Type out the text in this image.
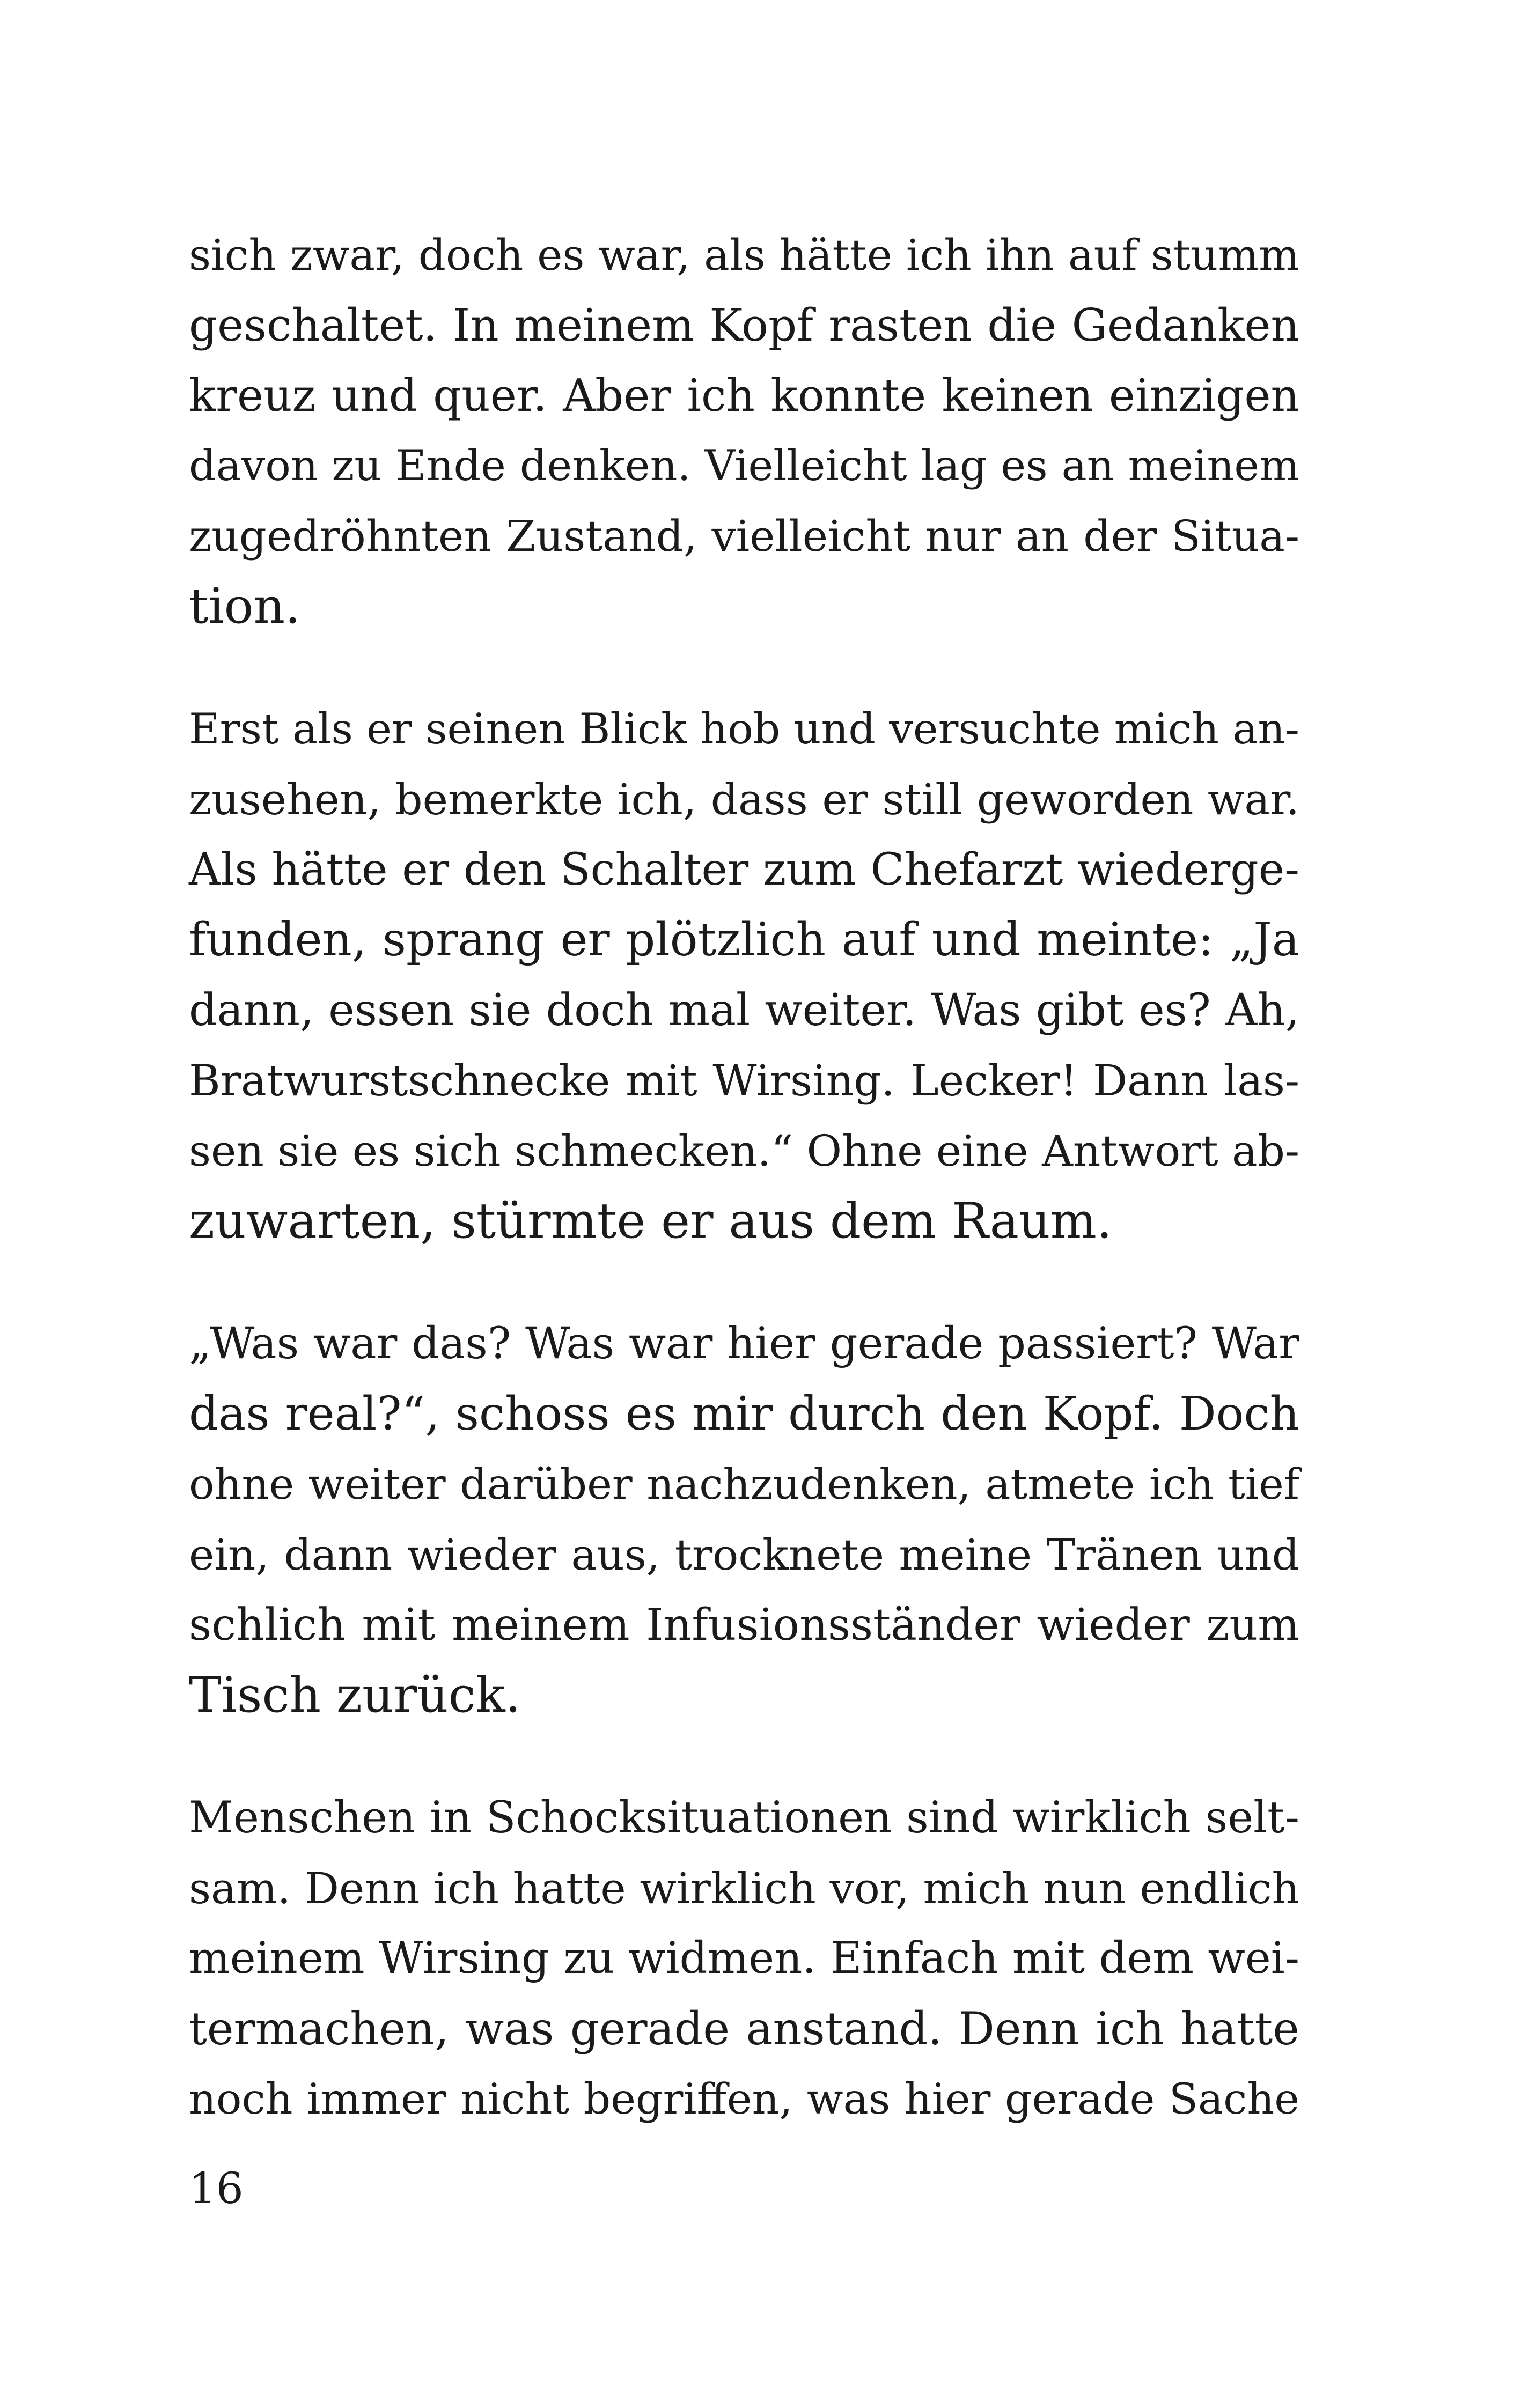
sich zwar, doch es war, als hätte ich ihn auf stumm
geschaltet. In meinem Kopf rasten die Gedanken
kreuz und quer. Aber ich konnte keinen einzigen
davon zu Ende denken. Vielleicht lag es an meinem
zugedröhnten Zustand, vielleicht nur an der Situa-
tion.
Erst als er seinen Blick hob und versuchte mich an-
zusehen, bemerkte ich, dass er still geworden war.
Als hätte er den Schalter zum Chefarzt wiederge-
funden, sprang er plötzlich auf und meinte: „Ja
dann, essen sie doch mal weiter. Was gibt es? Ah,
Bratwurstschnecke mit Wirsing. Lecker! Dann las-
sen sie es sich schmecken.“ Ohne eine Antwort ab-
zuwarten, stürmte er aus dem Raum.
„Was war das? Was war hier gerade passiert? War
das real?“, schoss es mir durch den Kopf. Doch
ohne weiter darüber nachzudenken, atmete ich tief
ein, dann wieder aus, trocknete meine Tränen und
schlich mit meinem Infusionsständer wieder zum
Tisch zurück.
Menschen in Schocksituationen sind wirklich selt-
sam. Denn ich hatte wirklich vor, mich nun endlich
meinem Wirsing zu widmen. Einfach mit dem wei-
termachen, was gerade anstand. Denn ich hatte
noch immer nicht begriffen, was hier gerade Sache
16
